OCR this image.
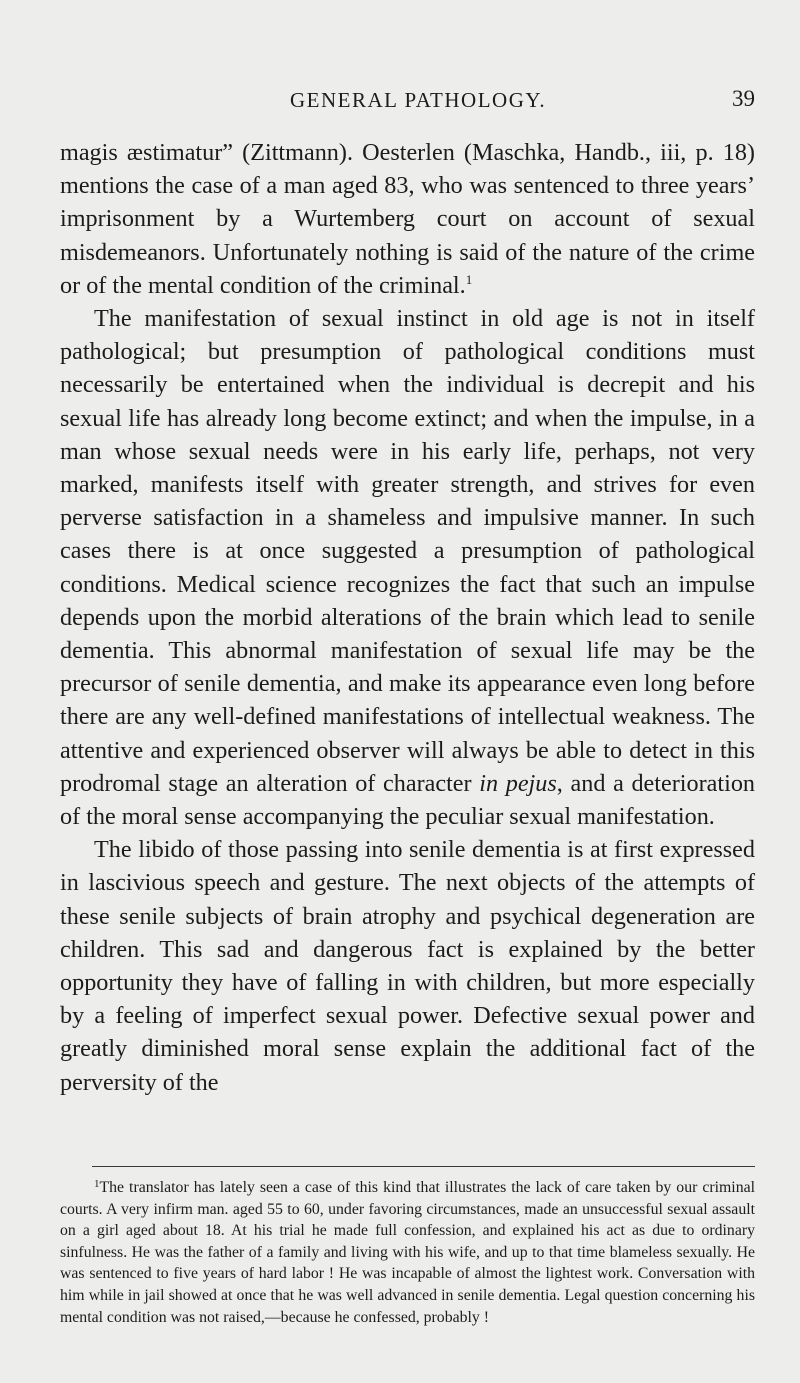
GENERAL PATHOLOGY.	39

magis æstimatur” (Zittmann). Oesterlen (Maschka, Handb., iii, p. 18) mentions the case of a man aged 83, who was sentenced to three years’ imprisonment by a Wurtemberg court on account of sexual misdemeanors. Unfortunately nothing is said of the nature of the crime or of the mental condition of the criminal.$^1$

The manifestation of sexual instinct in old age is not in itself pathological; but presumption of pathological conditions must necessarily be entertained when the individual is decrepit and his sexual life has already long become extinct; and when the impulse, in a man whose sexual needs were in his early life, perhaps, not very marked, manifests itself with greater strength, and strives for even perverse satisfaction in a shameless and impulsive manner. In such cases there is at once suggested a presumption of pathological conditions. Medical science recognizes the fact that such an impulse depends upon the morbid alterations of the brain which lead to senile dementia. This abnormal manifestation of sexual life may be the precursor of senile dementia, and make its appearance even long before there are any well-defined manifestations of intellectual weakness. The attentive and experienced observer will always be able to detect in this prodromal stage an alteration of character in pejus, and a deterioration of the moral sense accompanying the peculiar sexual manifestation.

The libido of those passing into senile dementia is at first expressed in lascivious speech and gesture. The next objects of the attempts of these senile subjects of brain atrophy and psychical degeneration are children. This sad and dangerous fact is explained by the better opportunity they have of falling in with children, but more especially by a feeling of imperfect sexual power. Defective sexual power and greatly diminished moral sense explain the additional fact of the perversity of the

$^1$The translator has lately seen a case of this kind that illustrates the lack of care taken by our criminal courts. A very infirm man. aged 55 to 60, under favoring circumstances, made an unsuccessful sexual assault on a girl aged about 18. At his trial he made full confession, and explained his act as due to ordinary sinfulness. He was the father of a family and living with his wife, and up to that time blameless sexually. He was sentenced to five years of hard labor ! He was incapable of almost the lightest work. Conversation with him while in jail showed at once that he was well advanced in senile dementia. Legal question concerning his mental condition was not raised,—because he confessed, probably !
